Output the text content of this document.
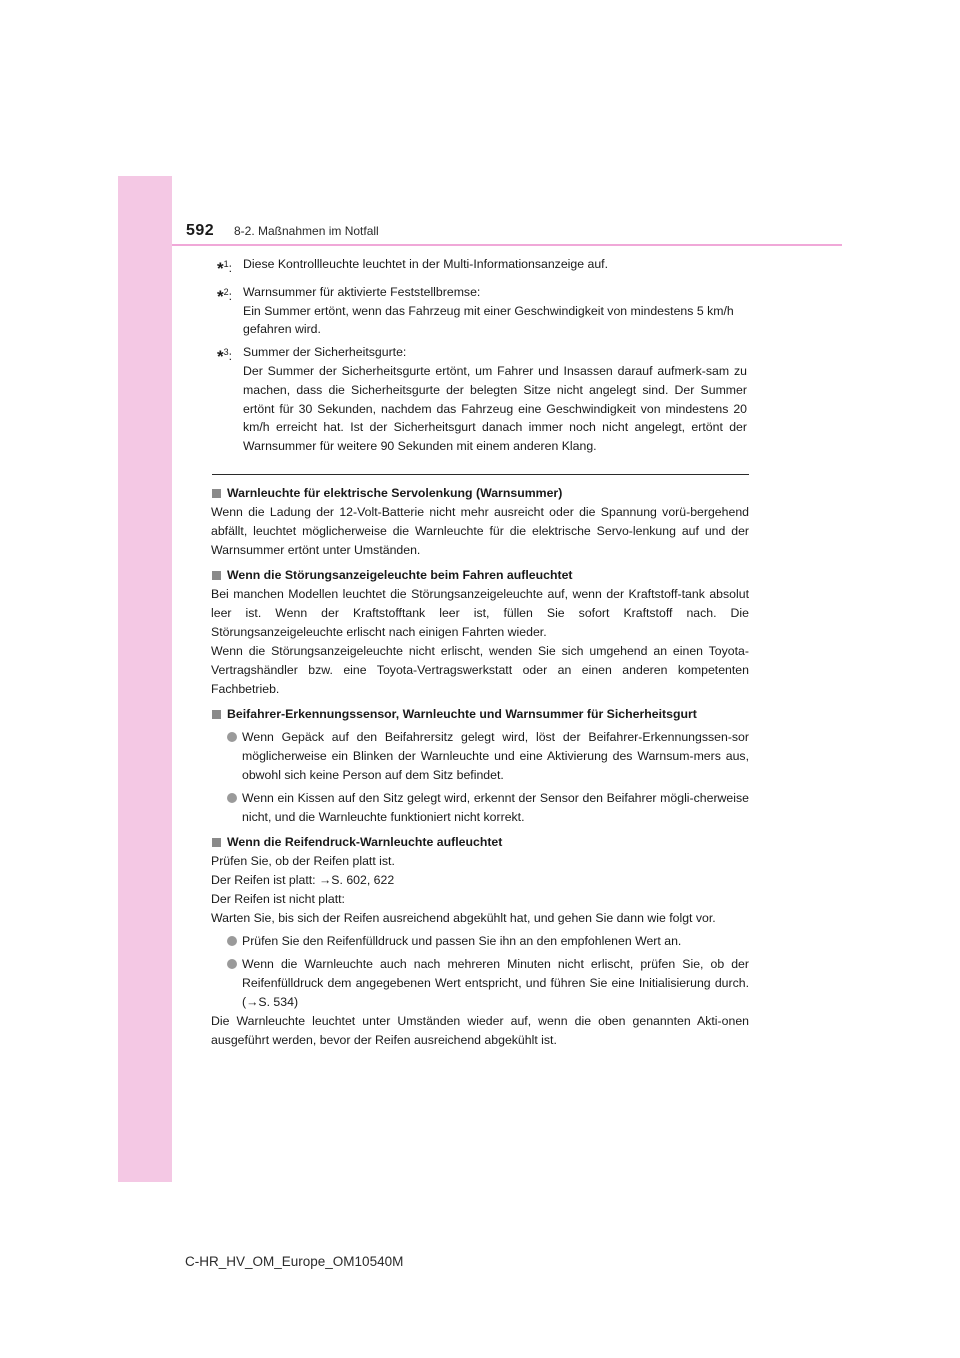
592 8-2. Maßnahmen im Notfall
*$^1$: Diese Kontrollleuchte leuchtet in der Multi-Informationsanzeige auf.

*$^2$: Warnsummer für aktivierte Feststellbremse:

Ein Summer ertönt, wenn das Fahrzeug mit einer Geschwindigkeit von mindestens 5 km/h gefahren wird.

*$^3$: Summer der Sicherheitsgurte:

Der Summer der Sicherheitsgurte ertönt, um Fahrer und Insassen darauf aufmerk-sam zu machen, dass die Sicherheitsgurte der belegten Sitze nicht angelegt sind. Der Summer ertönt für 30 Sekunden, nachdem das Fahrzeug eine Geschwindigkeit von mindestens 20 km/h erreicht hat. Ist der Sicherheitsgurt danach immer noch nicht angelegt, ertönt der Warnsummer für weitere 90 Sekunden mit einem anderen Klang.

Warnleuchte für elektrische Servolenkung (Warnsummer)

Wenn die Ladung der 12-Volt-Batterie nicht mehr ausreicht oder die Spannung vorü-bergehend abfällt, leuchtet möglicherweise die Warnleuchte für die elektrische Servo-lenkung auf und der Warnsummer ertönt unter Umständen.

Wenn die Störungsanzeigeleuchte beim Fahren aufleuchtet

Bei manchen Modellen leuchtet die Störungsanzeigeleuchte auf, wenn der Kraftstoff-tank absolut leer ist. Wenn der Kraftstofftank leer ist, füllen Sie sofort Kraftstoff nach. Die Störungsanzeigeleuchte erlischt nach einigen Fahrten wieder.

Wenn die Störungsanzeigeleuchte nicht erlischt, wenden Sie sich umgehend an einen Toyota-Vertragshändler bzw. eine Toyota-Vertragswerkstatt oder an einen anderen kompetenten Fachbetrieb.

Beifahrer-Erkennungssensor, Warnleuchte und Warnsummer für Sicherheitsgurt
Wenn Gepäck auf den Beifahrersitz gelegt wird, löst der Beifahrer-Erkennungssen-sor möglicherweise ein Blinken der Warnleuchte und eine Aktivierung des Warnsum-mers aus, obwohl sich keine Person auf dem Sitz befindet.
Wenn ein Kissen auf den Sitz gelegt wird, erkennt der Sensor den Beifahrer mögli-cherweise nicht, und die Warnleuchte funktioniert nicht korrekt.
Wenn die Reifendruck-Warnleuchte aufleuchtet

Prüfen Sie, ob der Reifen platt ist.

Der Reifen ist platt: →S. 602, 622

Der Reifen ist nicht platt:

Warten Sie, bis sich der Reifen ausreichend abgekühlt hat, und gehen Sie dann wie folgt vor.

Prüfen Sie den Reifenfülldruck und passen Sie ihn an den empfohlenen Wert an.
Wenn die Warnleuchte auch nach mehreren Minuten nicht erlischt, prüfen Sie, ob der Reifenfülldruck dem angegebenen Wert entspricht, und führen Sie eine Initialisierung durch. (→S. 534)

Die Warnleuchte leuchtet unter Umständen wieder auf, wenn die oben genannten Akti-onen ausgeführt werden, bevor der Reifen ausreichend abgekühlt ist.

C-HR_HV_OM_Europe_OM10540M
